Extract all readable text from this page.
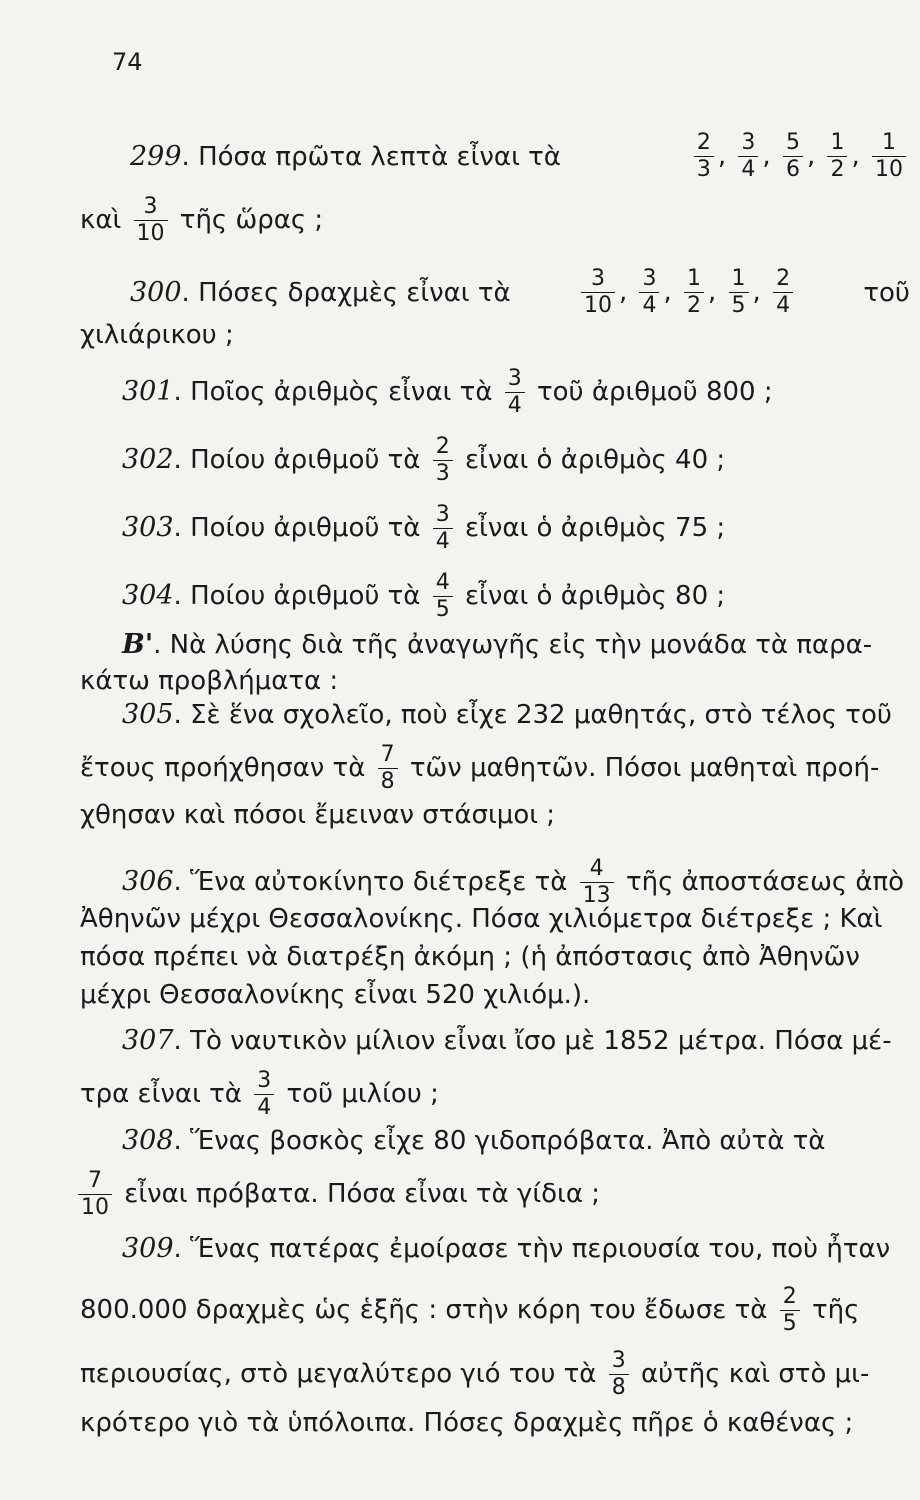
74
299. Πόσα πρῶτα λεπτὰ εἶναι τὰ	$\frac{2}{3}$ , $\frac{3}{4}$ , $\frac{5}{6}$ , $\frac{1}{2}$ , $\frac{1}{10}$
καὶ $\frac{3}{10}$ τῆς ὥρας ;
300. Πόσες δραχμὲς εἶναι τὰ	$\frac{3}{10}$ , $\frac{3}{4}$ , $\frac{1}{2}$ , $\frac{1}{5}$ , $\frac{2}{4}$	τοῦ
χιλιάρικου ;
301. Ποῖος ἀριθμὸς εἶναι τὰ $\frac{3}{4}$ τοῦ ἀριθμοῦ 800 ;
302. Ποίου ἀριθμοῦ τὰ $\frac{2}{3}$ εἶναι ὁ ἀριθμὸς 40 ;
303. Ποίου ἀριθμοῦ τὰ $\frac{3}{4}$ εἶναι ὁ ἀριθμὸς 75 ;
304. Ποίου ἀριθμοῦ τὰ $\frac{4}{5}$ εἶναι ὁ ἀριθμὸς 80 ;
Β'. Νὰ λύσης διὰ τῆς ἀναγωγῆς εἰς τὴν μονάδα τὰ παρα-
κάτω προβλήματα :
305. Σὲ ἕνα σχολεῖο, ποὺ εἶχε 232 μαθητάς, στὸ τέλος τοῦ
ἔτους προήχθησαν τὰ $\frac{7}{8}$ τῶν μαθητῶν. Πόσοι μαθηταὶ προή-
χθησαν καὶ πόσοι ἔμειναν στάσιμοι ;
306. Ἕνα αὐτοκίνητο διέτρεξε τὰ $\frac{4}{13}$ τῆς ἀποστάσεως ἀπὸ
Ἀθηνῶν μέχρι Θεσσαλονίκης. Πόσα χιλιόμετρα διέτρεξε ; Καὶ
πόσα πρέπει νὰ διατρέξη ἀκόμη ; (ἡ ἀπόστασις ἀπὸ Ἀθηνῶν
μέχρι Θεσσαλονίκης εἶναι 520 χιλιόμ.).
307. Τὸ ναυτικὸν μίλιον εἶναι ἴσο μὲ 1852 μέτρα. Πόσα μέ-
τρα εἶναι τὰ $\frac{3}{4}$ τοῦ μιλίου ;
308. Ἕνας βοσκὸς εἶχε 80 γιδοπρόβατα. Ἀπὸ αὐτὰ τὰ
$\frac{7}{10}$ εἶναι πρόβατα. Πόσα εἶναι τὰ γίδια ;
309. Ἕνας πατέρας ἐμοίρασε τὴν περιουσία του, ποὺ ἦταν
800.000 δραχμὲς ὡς ἑξῆς : στὴν κόρη του ἔδωσε τὰ $\frac{2}{5}$ τῆς
περιουσίας, στὸ μεγαλύτερο γιό του τὰ $\frac{3}{8}$ αὐτῆς καὶ στὸ μι-
κρότερο γιὸ τὰ ὑπόλοιπα. Πόσες δραχμὲς πῆρε ὁ καθένας ;
